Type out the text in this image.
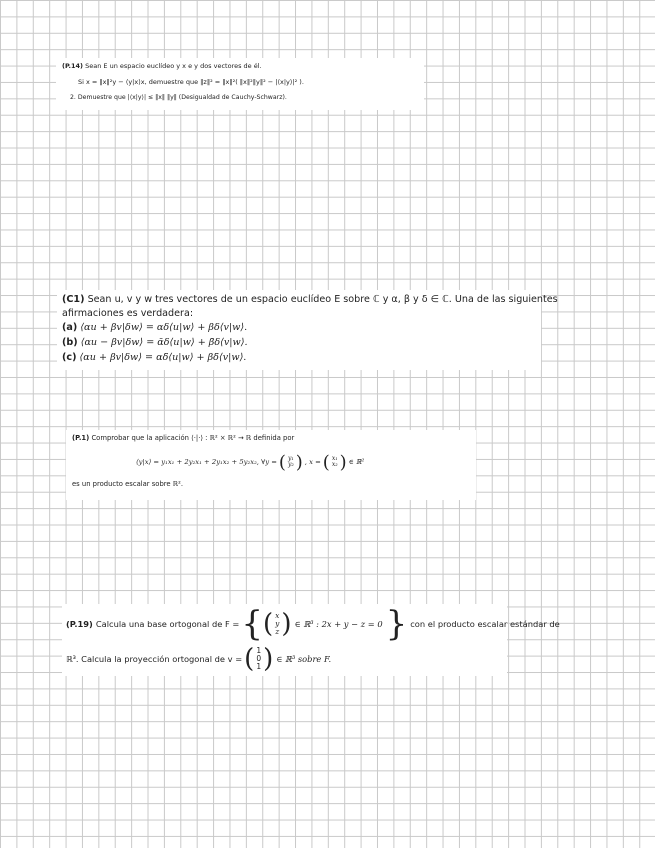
(P.14) Sean E un espacio euclídeo y x e y dos vectores de él.
Si x = ‖x‖²y − ⟨y|x⟩x, demuestre que ‖z‖² = ‖x‖²( ‖x‖²‖y‖² − |⟨x|y⟩|² ).
2. Demuestre que |⟨x|y⟩| ≤ ‖x‖ ‖y‖ (Desigualdad de Cauchy-Schwarz).
(C1) Sean u, v y w tres vectores de un espacio euclídeo E sobre ℂ y α, β y δ ∈ ℂ. Una de las siguientes
afirmaciones es verdadera:
(a) ⟨αu + βv|δw⟩ = αδ⟨u|w⟩ + βδ⟨v|w⟩.
(b) ⟨αu − βv|δw⟩ = ᾱδ⟨u|w⟩ + β̄δ⟨v|w⟩.
(c) ⟨αu + βv|δw⟩ = αδ̄⟨u|w⟩ + βδ̄⟨v|w⟩.
(P.1) Comprobar que la aplicación ⟨·|·⟩ : ℝ² × ℝ² → ℝ definida por
⟨y|x⟩ = y₁x₁ + 2y₂x₁ + 2y₁x₂ + 5y₂x₂, ∀y = ( y₁
y₂ ) , x = ( x₁
x₂ ) ∈ ℝ²
es un producto escalar sobre ℝ².
(P.19) Calcula una base ortogonal de F = { ( x
y
z ) ∈ ℝ³ : 2x + y − z = 0 } con el producto escalar estándar de
ℝ³. Calcula la proyección ortogonal de v = ( 1
0
1 ) ∈ ℝ³ sobre F.
